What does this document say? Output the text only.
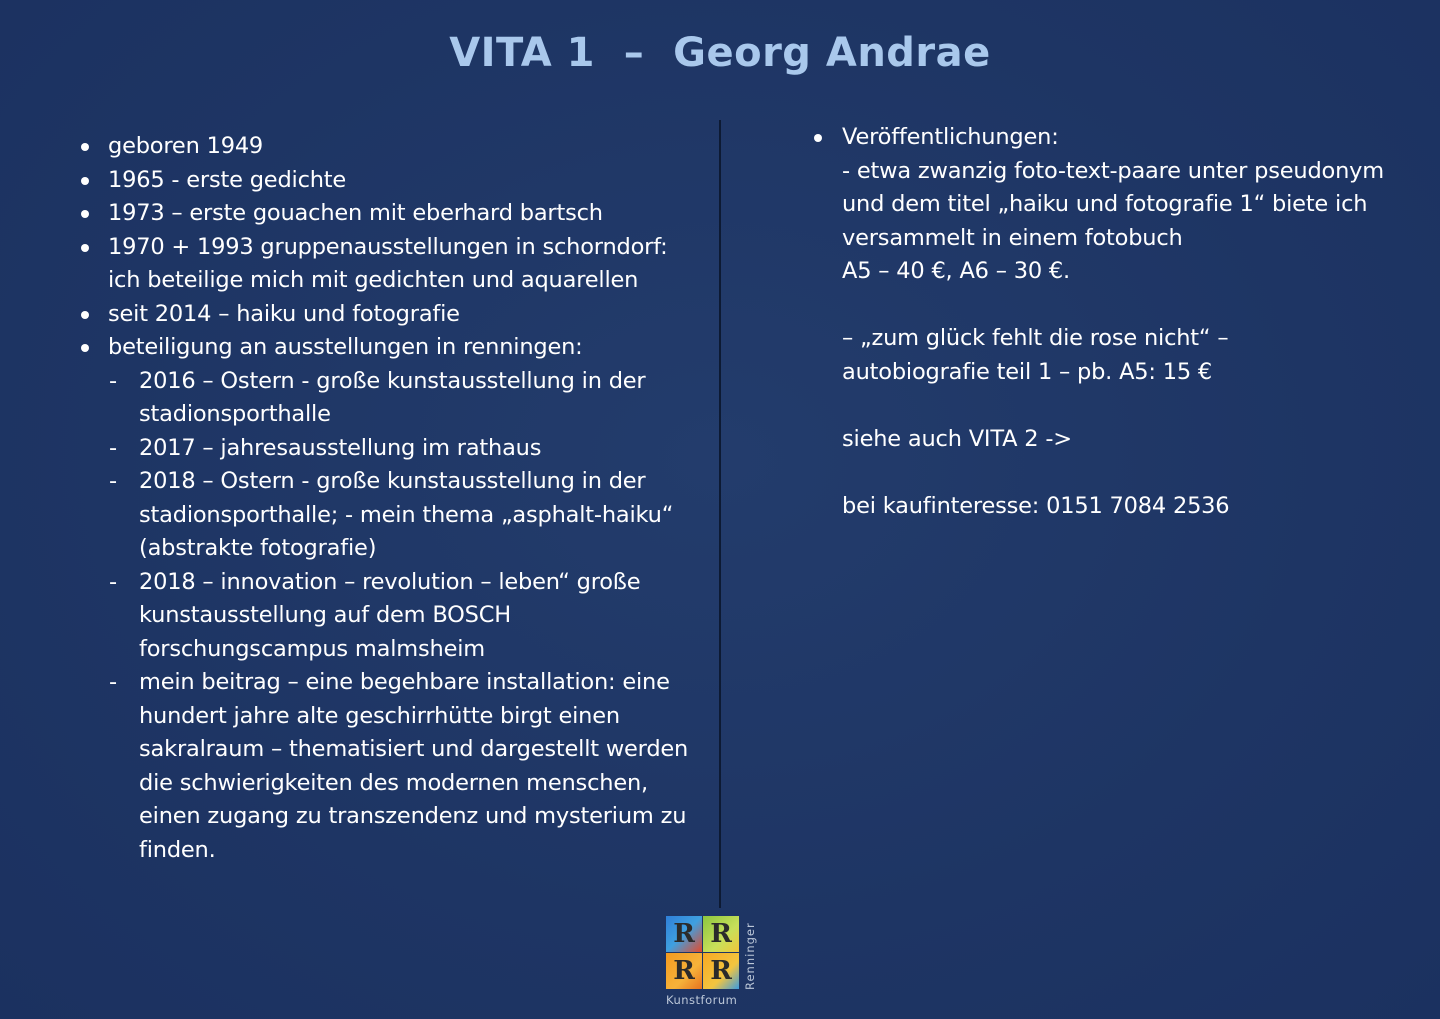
VITA 1  –  Georg Andrae
geboren 1949
1965 - erste gedichte
1973 – erste gouachen mit eberhard bartsch
1970 + 1993 gruppenausstellungen in schorndorf: ich beteilige mich mit gedichten und aquarellen
seit 2014 – haiku und fotografie
beteiligung an ausstellungen in renningen:
- 2016 – Ostern - große kunstausstellung in der stadionsporthalle
- 2017 – jahresausstellung im rathaus
- 2018 – Ostern - große kunstausstellung in der stadionsporthalle; - mein thema „asphalt-haiku“ (abstrakte fotografie)
- 2018 – innovation – revolution – leben“ große kunstausstellung auf dem BOSCH forschungscampus malmsheim
- mein beitrag – eine begehbare installation: eine hundert jahre alte geschirrhütte birgt einen sakralraum – thematisiert und dargestellt werden die schwierigkeiten des modernen menschen, einen zugang zu transzendenz und mysterium zu finden.
Veröffentlichungen:
- etwa zwanzig foto-text-paare unter pseudonym und dem titel „haiku und fotografie 1“ biete ich versammelt in einem fotobuch
A5 – 40 €, A6 – 30 €.
– „zum glück fehlt die rose nicht“ –
autobiografie teil 1 – pb. A5: 15 €
siehe auch VITA 2 ->
bei kaufinteresse: 0151 7084 2536
R R
R R Renninger
Kunstforum
